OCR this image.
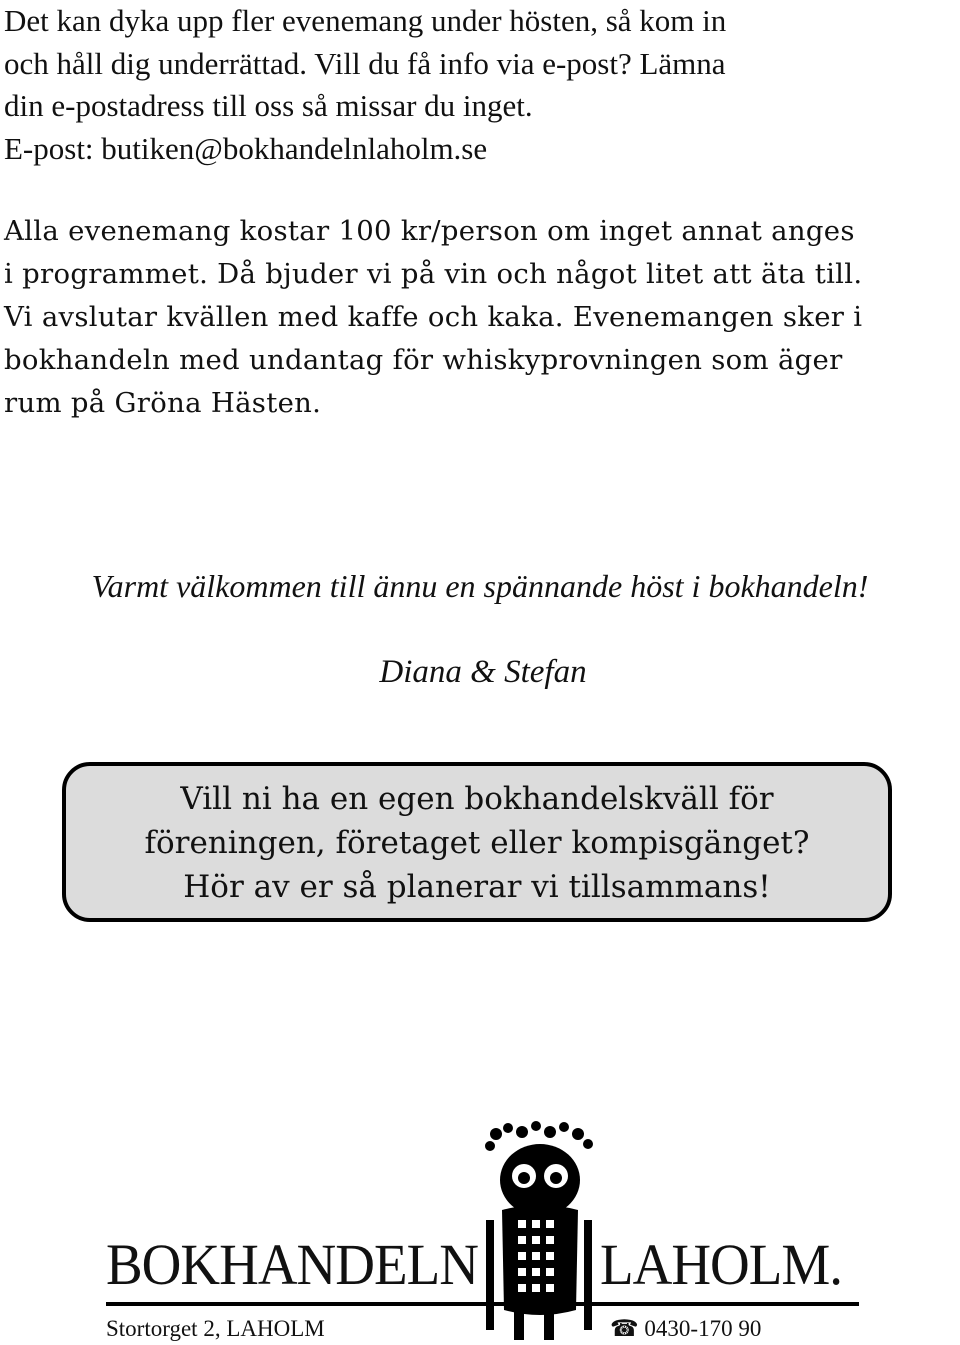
Det kan dyka upp fler evenemang under hösten, så kom in
och håll dig underrättad. Vill du få info via e-post? Lämna
din e-postadress till oss så missar du inget.
E-post: butiken@bokhandelnlaholm.se
Alla evenemang kostar 100 kr/person om inget annat anges
i programmet. Då bjuder vi på vin och något litet att äta till.
Vi avslutar kvällen med kaffe och kaka. Evenemangen sker i
bokhandeln med undantag för whiskyprovningen som äger
rum på Gröna Hästen.

Varmt välkommen till ännu en spännande höst i bokhandeln!

Diana & Stefan

Vill ni ha en egen bokhandelskväll för
föreningen, företaget eller kompisgänget?
Hör av er så planerar vi tillsammans!

BOKHANDELN LAHOLM.

Stortorget 2, LAHOLM	☎ 0430-170 90
